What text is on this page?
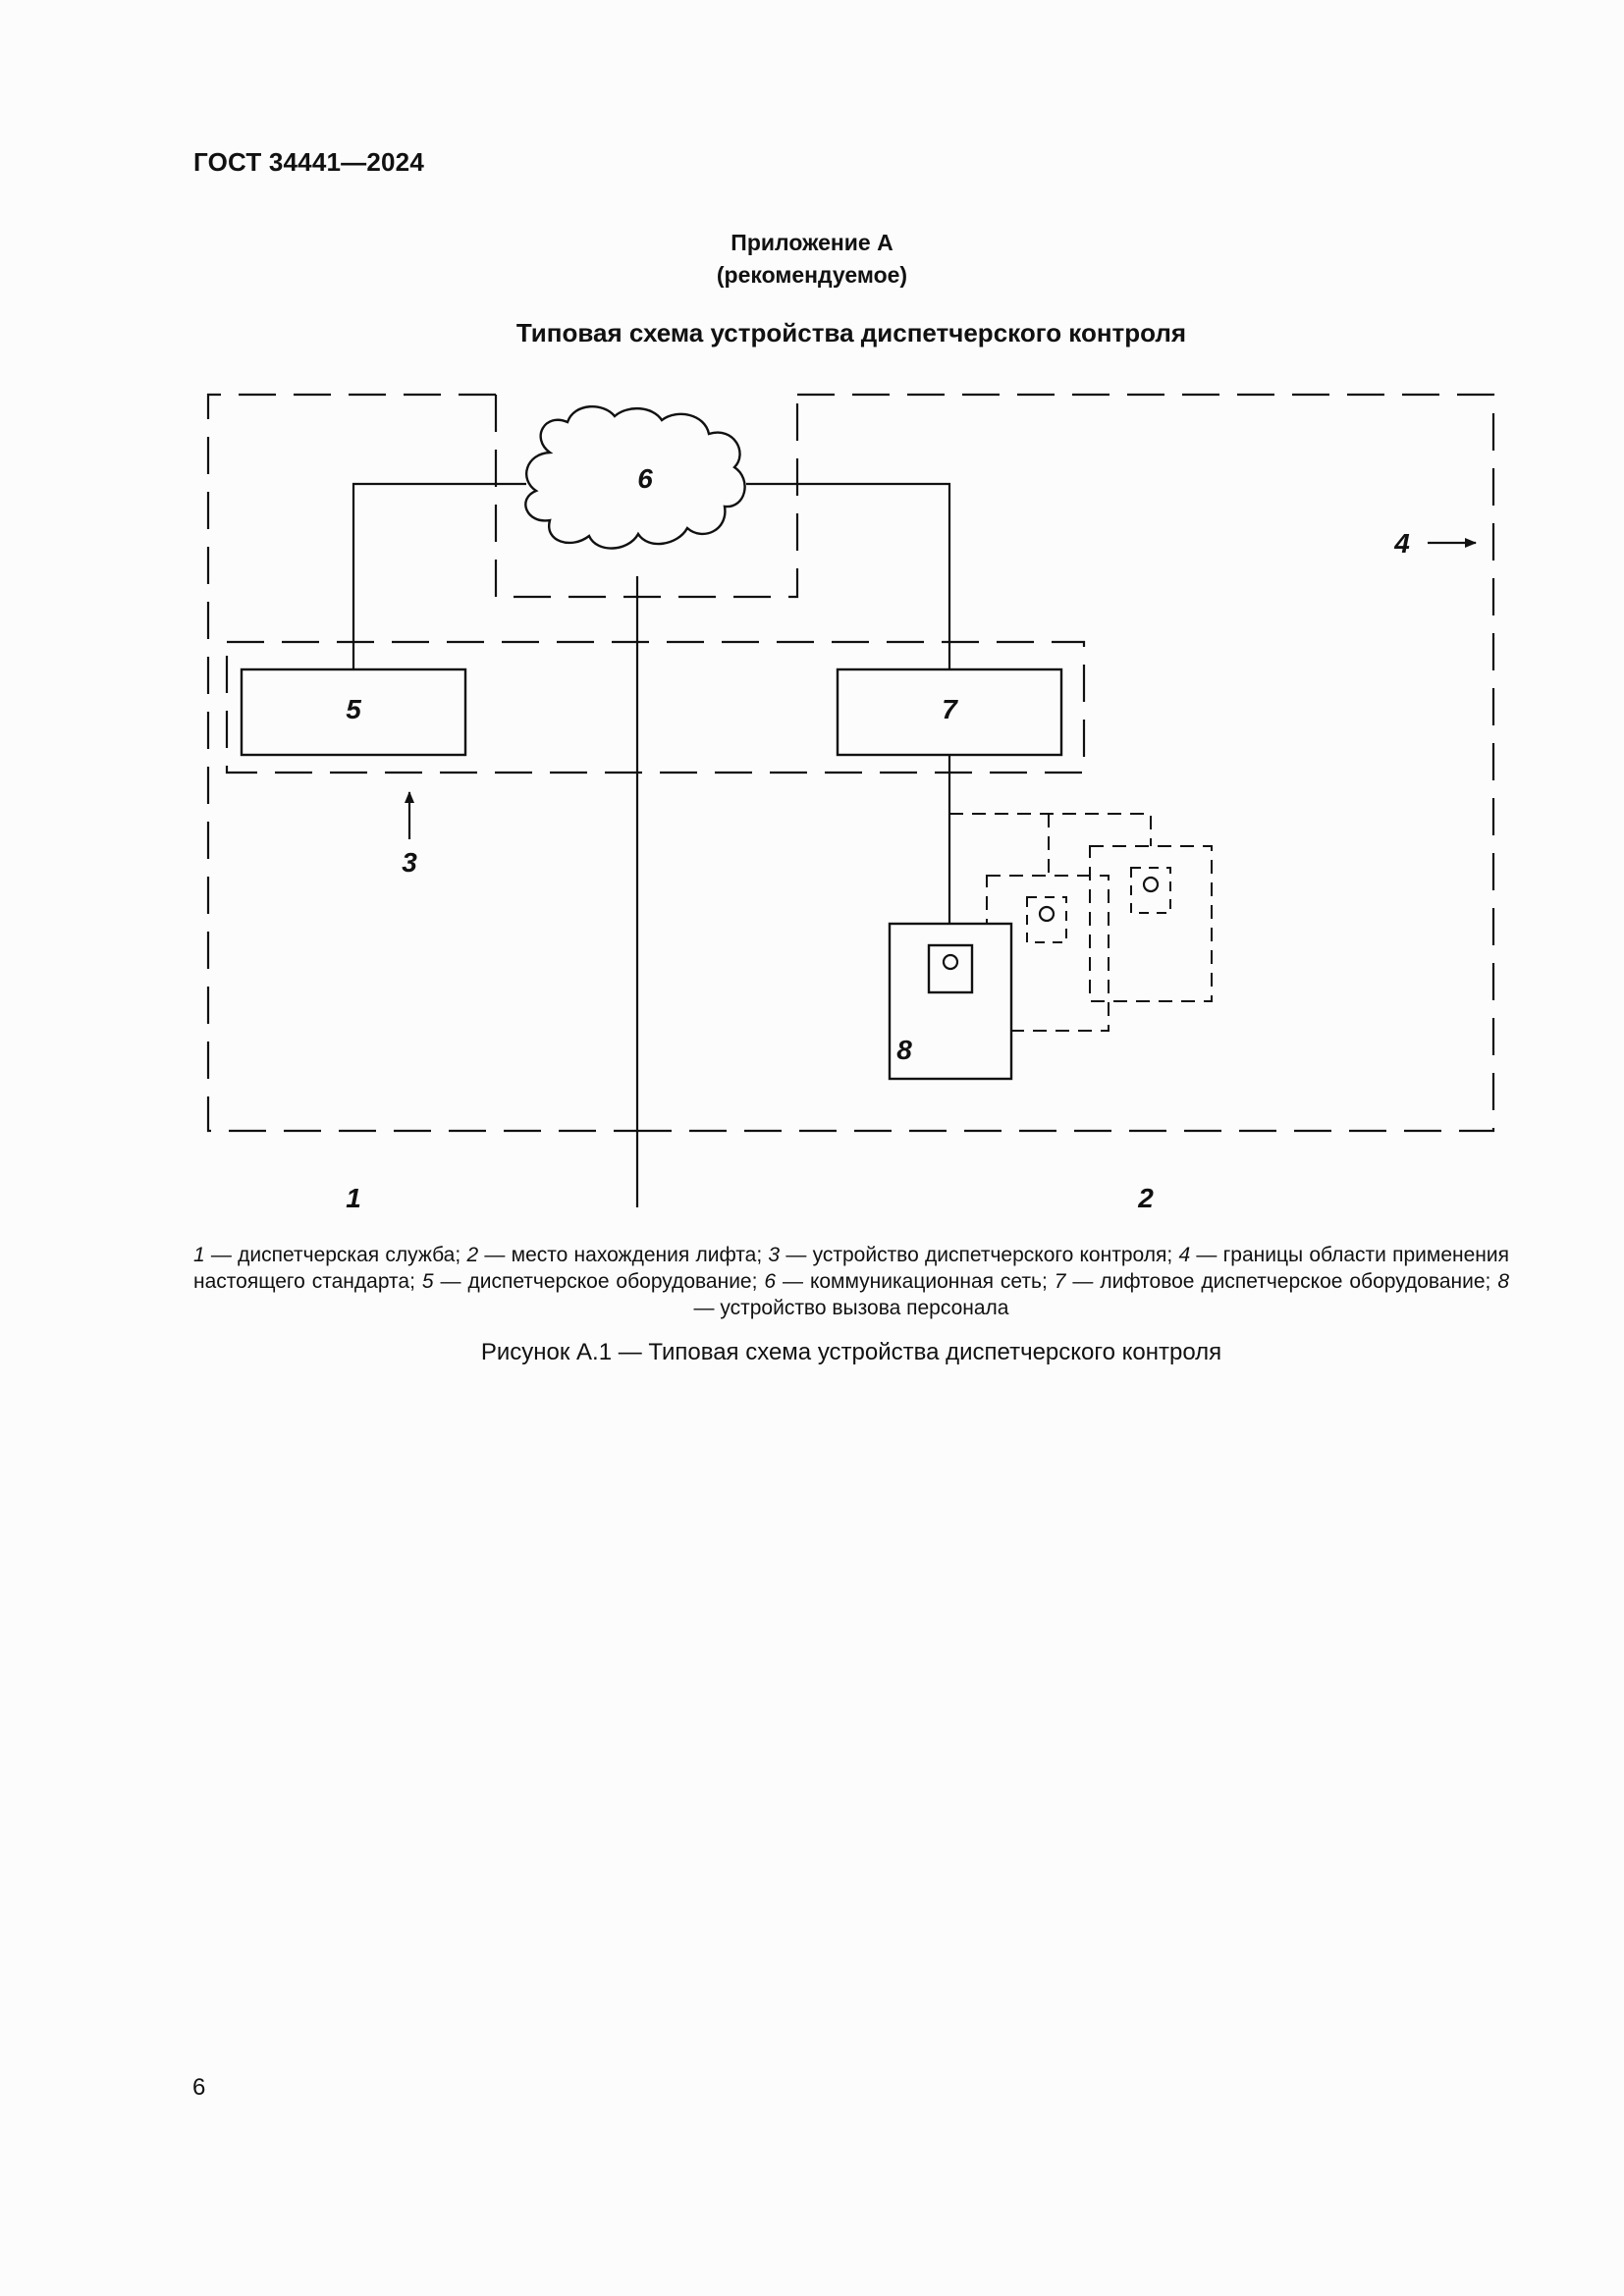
ГОСТ 34441—2024
Приложение А
(рекомендуемое)
Типовая схема устройства диспетчерского контроля
6
5	7
3
4
8
1	2
1 — диспетчерская служба; 2 — место нахождения лифта; 3 — устройство диспетчерского контроля; 4 — границы области применения настоящего стандарта; 5 — диспетчерское оборудование; 6 — коммуникационная сеть; 7 — лифтовое диспетчерское оборудование; 8 — устройство вызова персонала
Рисунок А.1 — Типовая схема устройства диспетчерского контроля
6
